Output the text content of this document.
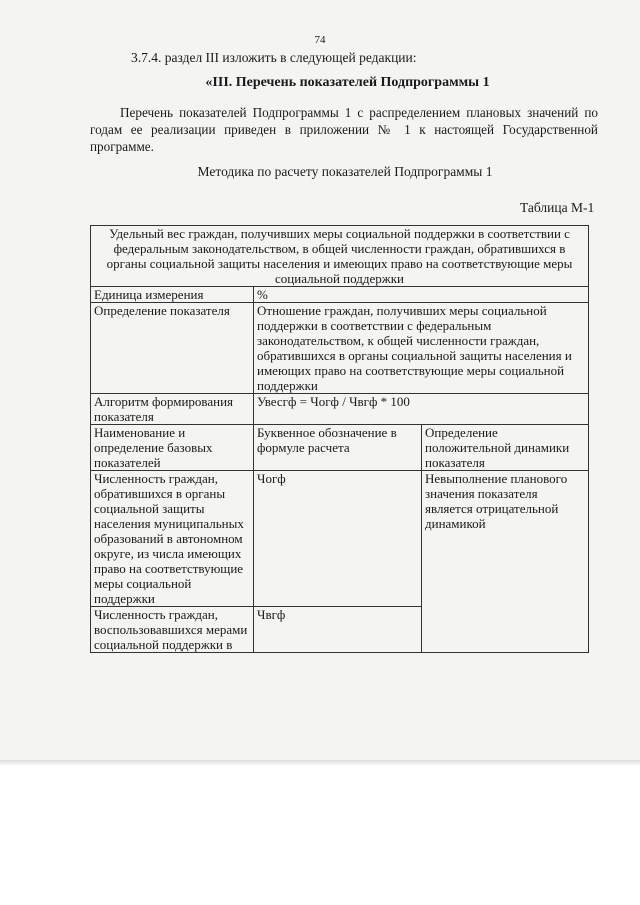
74
3.7.4. раздел III изложить в следующей редакции:
«III. Перечень показателей Подпрограммы 1
Перечень показателей Подпрограммы 1 с распределением плановых значений по годам ее реализации приведен в приложении № 1 к настоящей Государственной программе.
Методика по расчету показателей Подпрограммы 1
Таблица М-1
Удельный вес граждан, получивших меры социальной поддержки в соответствии с федеральным законодательством, в общей численности граждан, обратившихся в органы социальной защиты населения и имеющих право на соответствующие меры социальной поддержки		
Единица измерения	%	
Определение показателя	Отношение граждан, получивших меры социальной поддержки в соответствии с федеральным законодательством, к общей численности граждан, обратившихся в органы социальной защиты населения и имеющих право на соответствующие меры социальной поддержки	
Алгоритм формирования показателя	Увесгф = Чогф / Чвгф * 100	
Наименование и определение базовых показателей	Буквенное обозначение в формуле расчета	Определение положительной динамики показателя
Численность граждан, обратившихся в органы социальной защиты населения муниципальных образований в автономном округе, из числа имеющих право на соответствующие меры социальной поддержки	Чогф	Невыполнение планового значения показателя является отрицательной динамикой
Численность граждан, воспользовавшихся мерами социальной поддержки в	Чвгф	
